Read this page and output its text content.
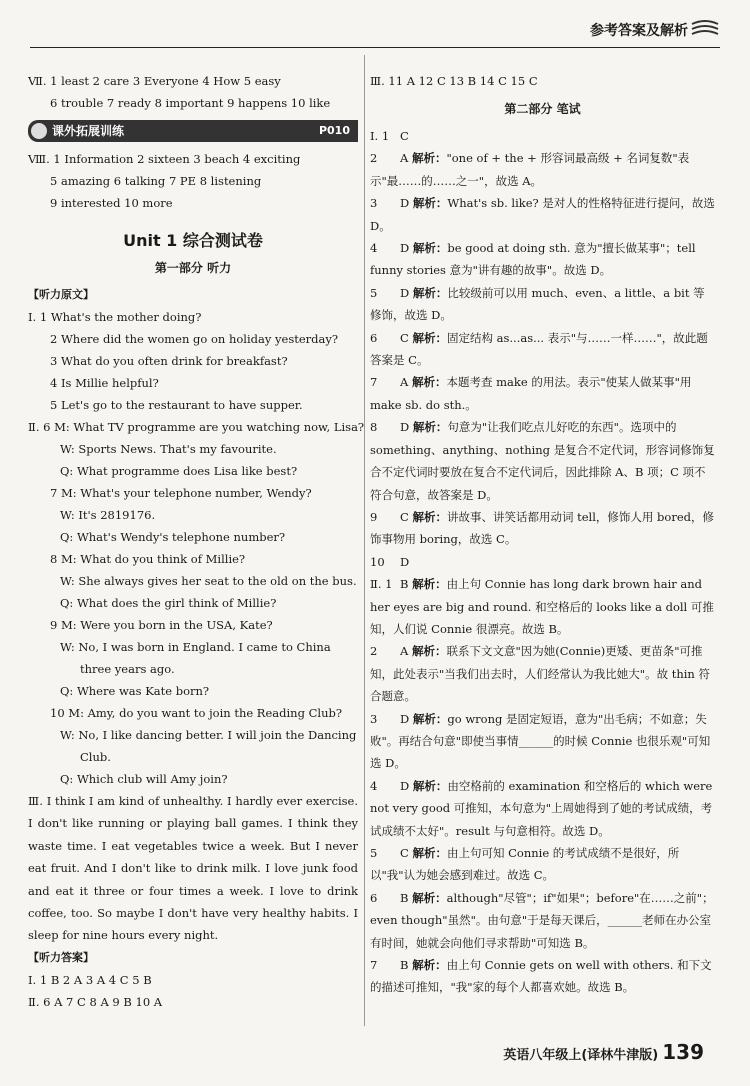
参考答案及解析
Ⅶ. 1 least 2 care 3 Everyone 4 How 5 easy
6 trouble 7 ready 8 important 9 happens 10 like
课外拓展训练	P010
Ⅷ. 1 Information 2 sixteen 3 beach 4 exciting
5 amazing 6 talking 7 PE 8 listening
9 interested 10 more
Unit 1 综合测试卷
第一部分 听力
【听力原文】
Ⅰ. 1 What's the mother doing?
2 Where did the women go on holiday yesterday?
3 What do you often drink for breakfast?
4 Is Millie helpful?
5 Let's go to the restaurant to have supper.
Ⅱ. 6 M: What TV programme are you watching now, Lisa?
W: Sports News. That's my favourite.
Q: What programme does Lisa like best?
7 M: What's your telephone number, Wendy?
W: It's 2819176.
Q: What's Wendy's telephone number?
8 M: What do you think of Millie?
W: She always gives her seat to the old on the bus.
Q: What does the girl think of Millie?
9 M: Were you born in the USA, Kate?
W: No, I was born in England. I came to China
three years ago.
Q: Where was Kate born?
10 M: Amy, do you want to join the Reading Club?
W: No, I like dancing better. I will join the Dancing
Club.
Q: Which club will Amy join?
Ⅲ. I think I am kind of unhealthy. I hardly ever exercise. I don't like running or playing ball games. I think they waste time. I eat vegetables twice a week. But I never eat fruit. And I don't like to drink milk. I love junk food and eat it three or four times a week. I love to drink coffee, too. So maybe I don't have very healthy habits. I sleep for nine hours every night.
【听力答案】
Ⅰ. 1 B 2 A 3 A 4 C 5 B
Ⅱ. 6 A 7 C 8 A 9 B 10 A
Ⅲ. 11 A 12 C 13 B 14 C 15 C
第二部分 笔试
Ⅰ. 1 C
2 A 解析："one of + the + 形容词最高级 + 名词复数"表示"最……的……之一"，故选 A。
3 D 解析：What's sb. like? 是对人的性格特征进行提问，故选 D。
4 D 解析：be good at doing sth. 意为"擅长做某事"；tell funny stories 意为"讲有趣的故事"。故选 D。
5 D 解析：比较级前可以用 much、even、a little、a bit 等修饰，故选 D。
6 C 解析：固定结构 as...as... 表示"与……一样……"，故此题答案是 C。
7 A 解析：本题考查 make 的用法。表示"使某人做某事"用 make sb. do sth.。
8 D 解析：句意为"让我们吃点儿好吃的东西"。选项中的 something、anything、nothing 是复合不定代词，形容词修饰复合不定代词时要放在复合不定代词后，因此排除 A、B 项；C 项不符合句意，故答案是 D。
9 C 解析：讲故事、讲笑话都用动词 tell，修饰人用 bored，修饰事物用 boring，故选 C。
10 D
Ⅱ. 1 B 解析：由上句 Connie has long dark brown hair and her eyes are big and round. 和空格后的 looks like a doll 可推知，人们说 Connie 很漂亮。故选 B。
2 A 解析：联系下文文意"因为她(Connie)更矮、更苗条"可推知，此处表示"当我们出去时，人们经常认为我比她大"。故 thin 符合题意。
3 D 解析：go wrong 是固定短语，意为"出毛病；不如意；失败"。再结合句意"即使当事情______的时候 Connie 也很乐观"可知选 D。
4 D 解析：由空格前的 examination 和空格后的 which were not very good 可推知，本句意为"上周她得到了她的考试成绩，考试成绩不太好"。result 与句意相符。故选 D。
5 C 解析：由上句可知 Connie 的考试成绩不是很好，所以"我"认为她会感到难过。故选 C。
6 B 解析：although"尽管"；if"如果"；before"在……之前"；even though"虽然"。由句意"于是每天课后，______老师在办公室有时间，她就会向他们寻求帮助"可知选 B。
7 B 解析：由上句 Connie gets on well with others. 和下文的描述可推知，"我"家的每个人都喜欢她。故选 B。
英语八年级上(译林牛津版) 139
